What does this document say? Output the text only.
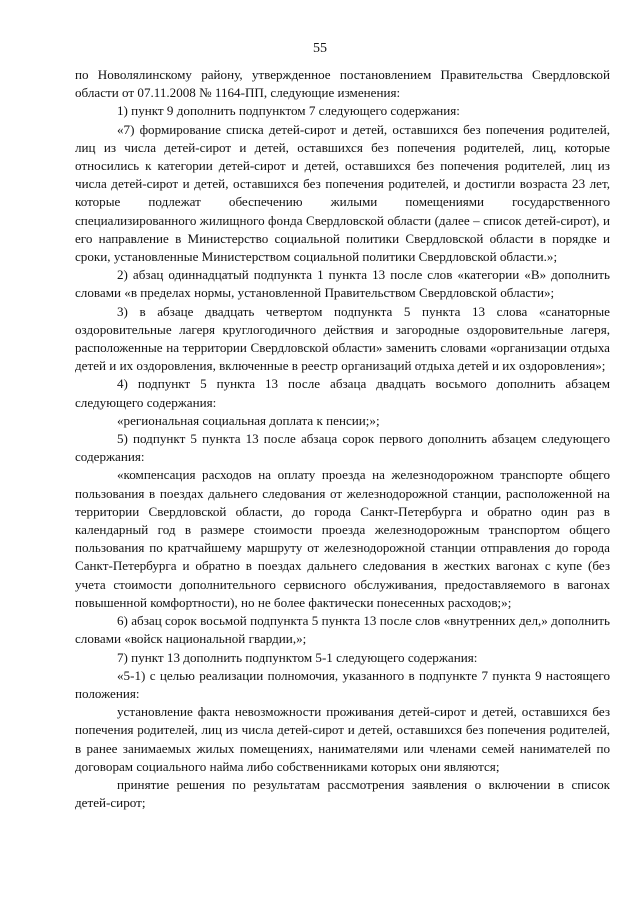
55

по Новолялинскому району, утвержденное постановлением Правительства Свердловской области от 07.11.2008 № 1164-ПП, следующие изменения:

1) пункт 9 дополнить подпунктом 7 следующего содержания:

«7) формирование списка детей-сирот и детей, оставшихся без попечения родителей, лиц из числа детей-сирот и детей, оставшихся без попечения родителей, лиц, которые относились к категории детей-сирот и детей, оставшихся без попечения родителей, лиц из числа детей-сирот и детей, оставшихся без попечения родителей, и достигли возраста 23 лет, которые подлежат обеспечению жилыми помещениями государственного специализированного жилищного фонда Свердловской области (далее – список детей-сирот), и его направление в Министерство социальной политики Свердловской области в порядке и сроки, установленные Министерством социальной политики Свердловской области.»;

2) абзац одиннадцатый подпункта 1 пункта 13 после слов «категории «В» дополнить словами «в пределах нормы, установленной Правительством Свердловской области»;

3) в абзаце двадцать четвертом подпункта 5 пункта 13 слова «санаторные оздоровительные лагеря круглогодичного действия и загородные оздоровительные лагеря, расположенные на территории Свердловской области» заменить словами «организации отдыха детей и их оздоровления, включенные в реестр организаций отдыха детей и их оздоровления»;

4) подпункт 5 пункта 13 после абзаца двадцать восьмого дополнить абзацем следующего содержания:

«региональная социальная доплата к пенсии;»;

5) подпункт 5 пункта 13 после абзаца сорок первого дополнить абзацем следующего содержания:

«компенсация расходов на оплату проезда на железнодорожном транспорте общего пользования в поездах дальнего следования от железнодорожной станции, расположенной на территории Свердловской области, до города Санкт-Петербурга и обратно один раз в календарный год в размере стоимости проезда железнодорожным транспортом общего пользования по кратчайшему маршруту от железнодорожной станции отправления до города Санкт-Петербурга и обратно в поездах дальнего следования в жестких вагонах с купе (без учета стоимости дополнительного сервисного обслуживания, предоставляемого в вагонах повышенной комфортности), но не более фактически понесенных расходов;»;

6) абзац сорок восьмой подпункта 5 пункта 13 после слов «внутренних дел,» дополнить словами «войск национальной гвардии,»;

7) пункт 13 дополнить подпунктом 5-1 следующего содержания:

«5-1) с целью реализации полномочия, указанного в подпункте 7 пункта 9 настоящего положения:

установление факта невозможности проживания детей-сирот и детей, оставшихся без попечения родителей, лиц из числа детей-сирот и детей, оставшихся без попечения родителей, в ранее занимаемых жилых помещениях, нанимателями или членами семей нанимателей по договорам социального найма либо собственниками которых они являются;

принятие решения по результатам рассмотрения заявления о включении в список детей-сирот;
